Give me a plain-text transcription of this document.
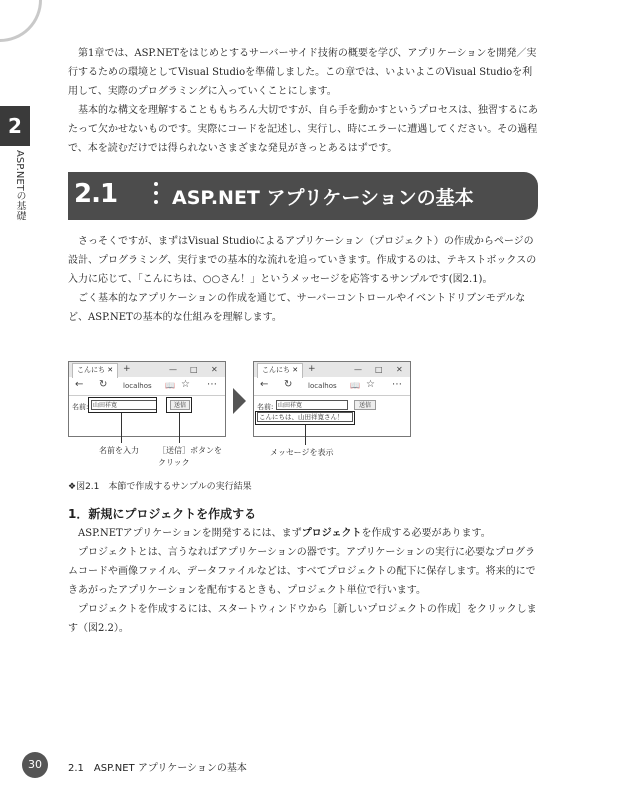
2
ASP.NETの基礎

第1章では、ASP.NETをはじめとするサーバーサイド技術の概要を学び、アプリケーションを開発／実行するための環境としてVisual Studioを準備しました。この章では、いよいよこのVisual Studioを利用して、実際のプログラミングに入っていくことにします。

基本的な構文を理解することももちろん大切ですが、自ら手を動かすというプロセスは、独習するにあたって欠かせないものです。実際にコードを記述し、実行し、時にエラーに遭遇してください。その過程で、本を読むだけでは得られないさまざまな発見がきっとあるはずです。

2.1	ASP.NET アプリケーションの基本

さっそくですが、まずはVisual Studioによるアプリケーション（プロジェクト）の作成からページの設計、プログラミング、実行までの基本的な流れを追っていきます。作成するのは、テキストボックスの入力に応じて、「こんにちは、○○さん！」というメッセージを応答するサンプルです(図2.1)。

ごく基本的なアプリケーションの作成を通じて、サーバーコントロールやイベントドリブンモデルなど、ASP.NETの基本的な仕組みを理解します。

こんにち ✕	+	— □ ✕
← ↻ localhos 📖 ☆ ⋯
名前: 山田祥寛	送信
こんにち ✕	+	— □ ✕
← ↻ localhos 📖 ☆ ⋯
名前: 山田祥寛	送信
こんにちは、山田祥寛さん！
名前を入力 ［送信］ボタンを
クリック
メッセージを表示
❖図2.1　本節で作成するサンプルの実行結果
1．新規にプロジェクトを作成する

ASP.NETアプリケーションを開発するには、まずプロジェクトを作成する必要があります。

プロジェクトとは、言うなればアプリケーションの器です。アプリケーションの実行に必要なプログラムコードや画像ファイル、データファイルなどは、すべてプロジェクトの配下に保存します。将来的にできあがったアプリケーションを配布するときも、プロジェクト単位で行います。

プロジェクトを作成するには、スタートウィンドウから［新しいプロジェクトの作成］をクリックします（図2.2）。

30	2.1　ASP.NET アプリケーションの基本
